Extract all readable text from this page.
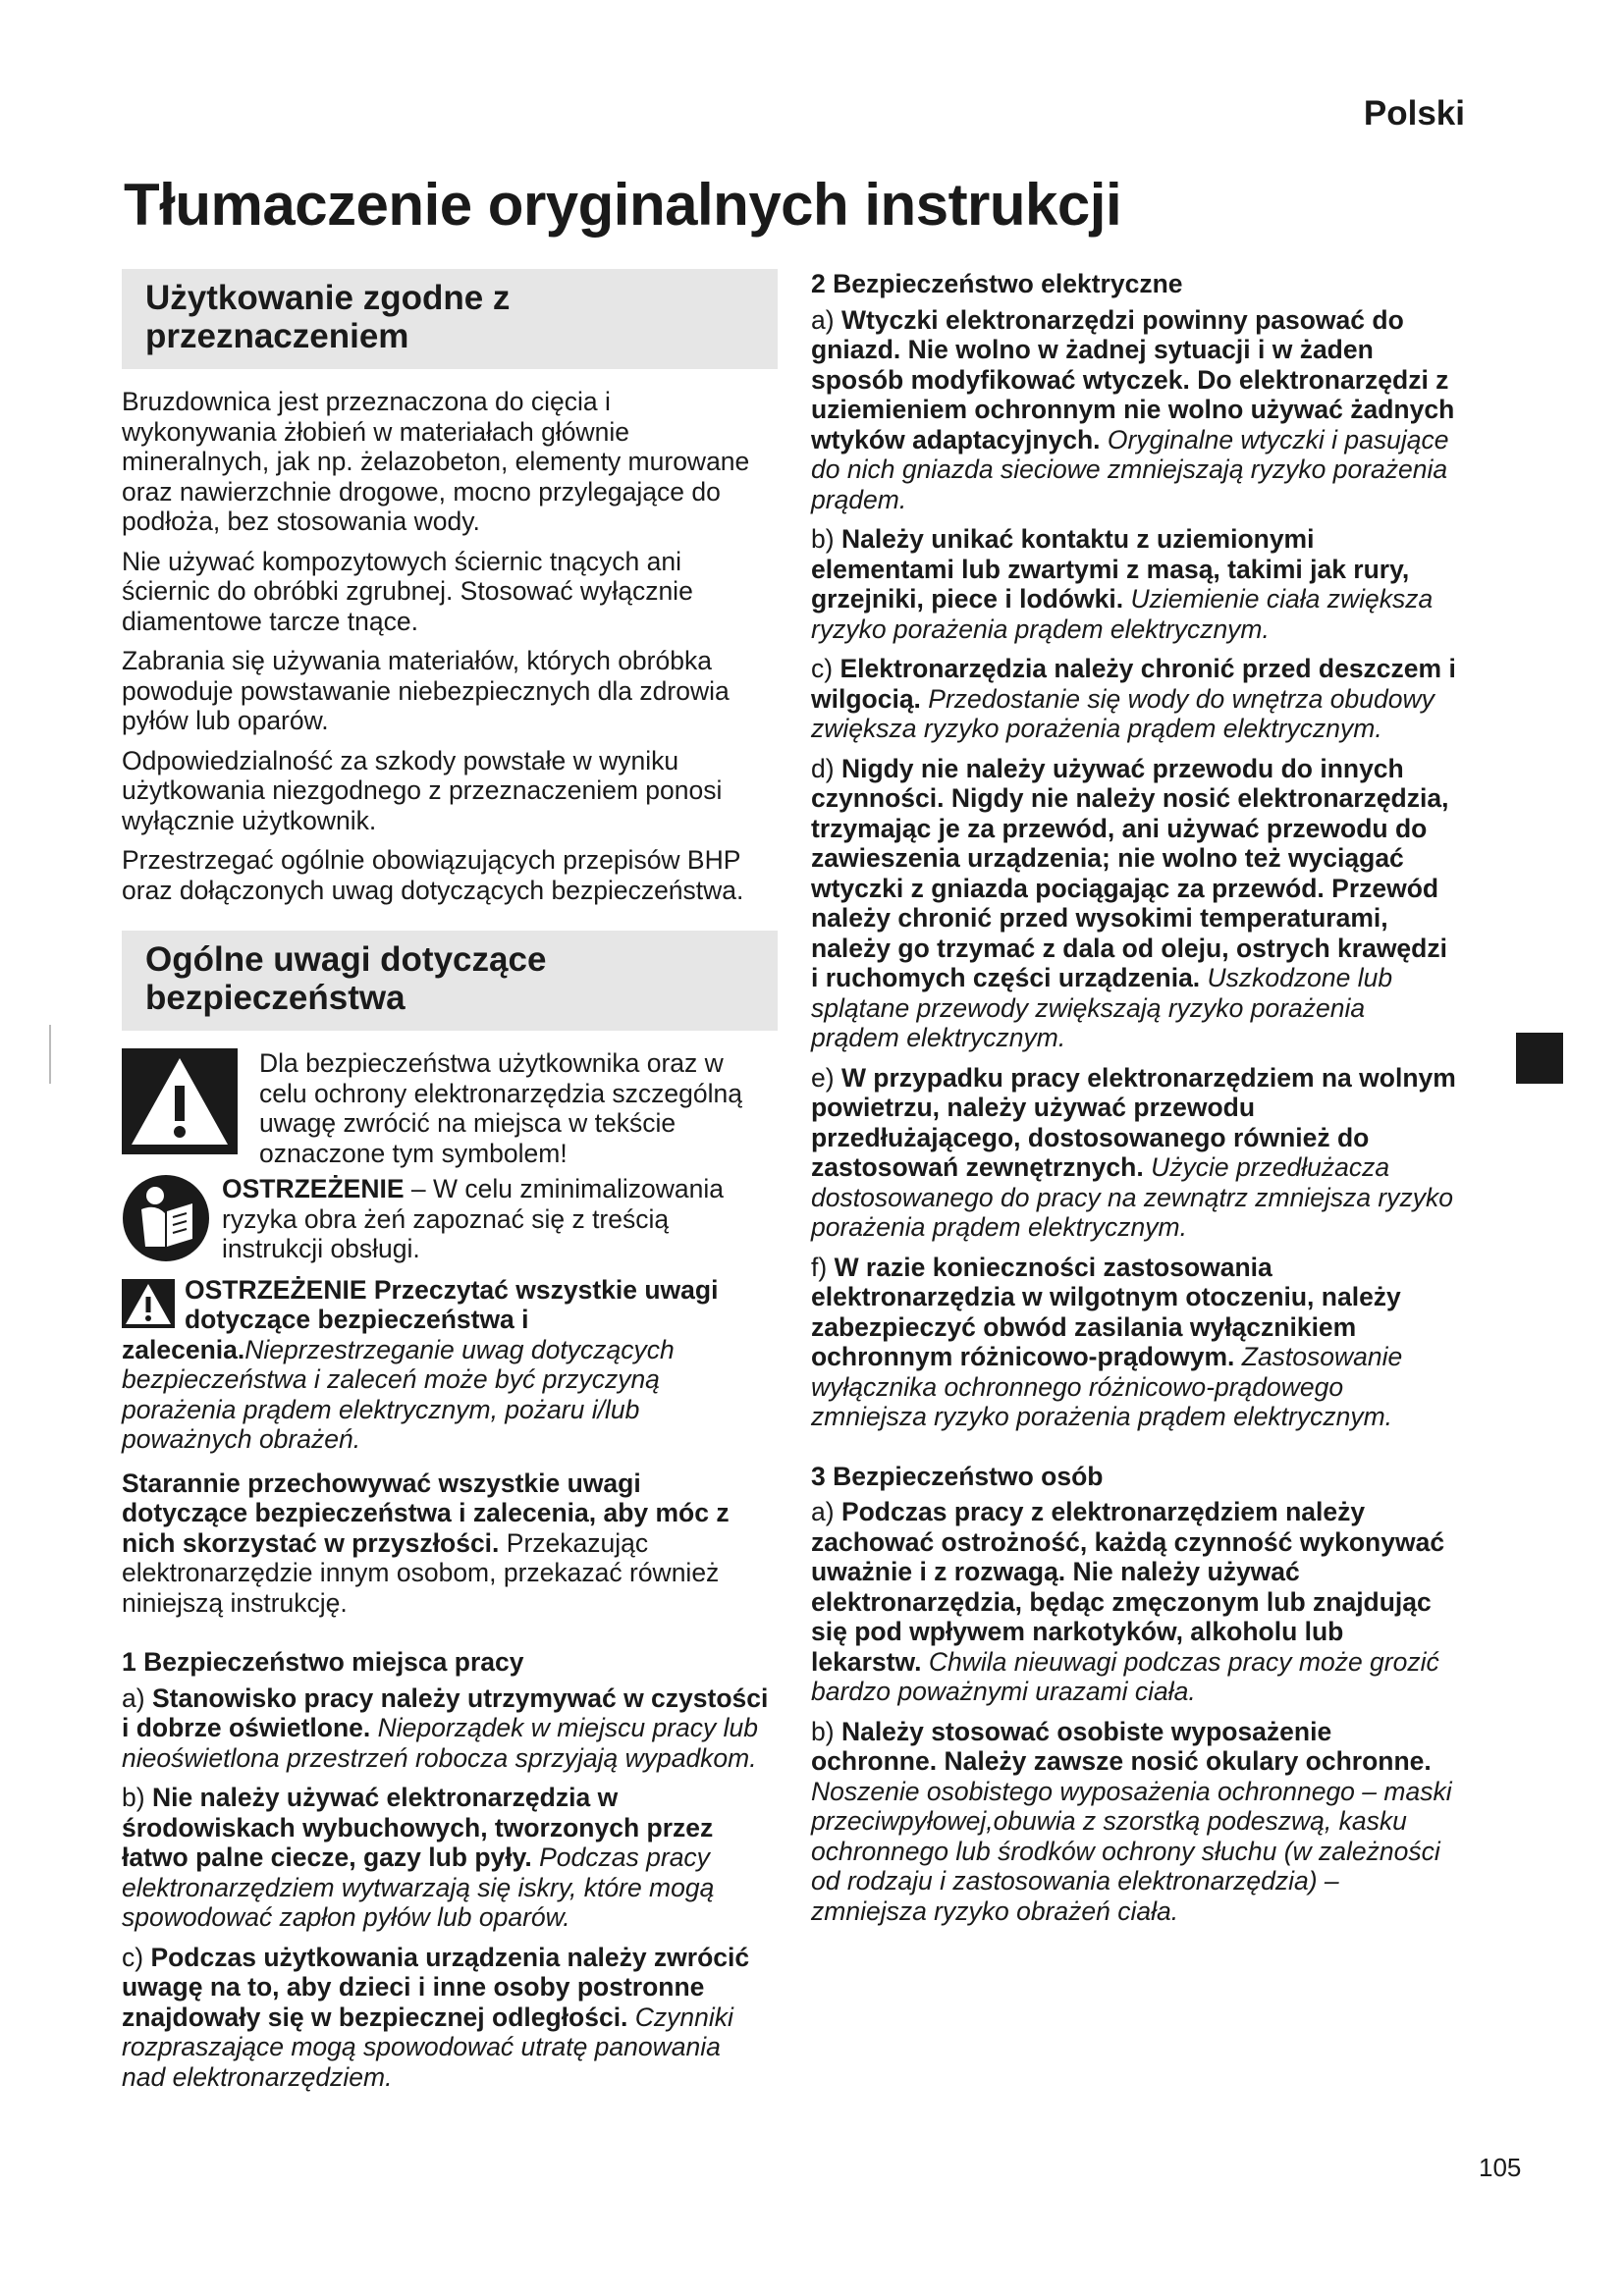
Polski
Tłumaczenie oryginalnych instrukcji
Użytkowanie zgodne z przeznaczeniem

Bruzdownica jest przeznaczona do cięcia i wykonywania żłobień w materiałach głównie mineralnych, jak np. żelazobeton, elementy murowane oraz nawierzchnie drogowe, mocno przylegające do podłoża, bez stosowania wody.

Nie używać kompozytowych ściernic tnących ani ściernic do obróbki zgrubnej. Stosować wyłącznie diamentowe tarcze tnące.

Zabrania się używania materiałów, których obróbka powoduje powstawanie niebezpiecznych dla zdrowia pyłów lub oparów.

Odpowiedzialność za szkody powstałe w wyniku użytkowania niezgodnego z przeznaczeniem ponosi wyłącznie użytkownik.

Przestrzegać ogólnie obowiązujących przepisów BHP oraz dołączonych uwag dotyczących bezpieczeństwa.

Ogólne uwagi dotyczące bezpieczeństwa
Dla bezpieczeństwa użytkownika oraz w celu ochrony elektronarzędzia szczególną uwagę zwrócić na miejsca w tekście oznaczone tym symbolem!
OSTRZEŻENIE – W celu zminimalizowania ryzyka obra żeń zapoznać się z treścią instrukcji obsługi.

OSTRZEŻENIE Przeczytać wszystkie uwagi dotyczące bezpieczeństwa i zalecenia.Nieprzestrzeganie uwag dotyczących bezpieczeństwa i zaleceń może być przyczyną porażenia prądem elektrycznym, pożaru i/lub poważnych obrażeń.

Starannie przechowywać wszystkie uwagi dotyczące bezpieczeństwa i zalecenia, aby móc z nich skorzystać w przyszłości. Przekazując elektronarzędzie innym osobom, przekazać również niniejszą instrukcję.

1 Bezpieczeństwo miejsca pracy

a) Stanowisko pracy należy utrzymywać w czystości i dobrze oświetlone. Nieporządek w miejscu pracy lub nieoświetlona przestrzeń robocza sprzyjają wypadkom.

b) Nie należy używać elektronarzędzia w środowiskach wybuchowych, tworzonych przez łatwo palne ciecze, gazy lub pyły. Podczas pracy elektronarzędziem wytwarzają się iskry, które mogą spowodować zapłon pyłów lub oparów.

c) Podczas użytkowania urządzenia należy zwrócić uwagę na to, aby dzieci i inne osoby postronne znajdowały się w bezpiecznej odległości. Czynniki rozpraszające mogą spowodować utratę panowania nad elektronarzędziem.

2 Bezpieczeństwo elektryczne

a) Wtyczki elektronarzędzi powinny pasować do gniazd. Nie wolno w żadnej sytuacji i w żaden sposób modyfikować wtyczek. Do elektronarzędzi z uziemieniem ochronnym nie wolno używać żadnych wtyków adaptacyjnych. Oryginalne wtyczki i pasujące do nich gniazda sieciowe zmniejszają ryzyko porażenia prądem.

b) Należy unikać kontaktu z uziemionymi elementami lub zwartymi z masą, takimi jak rury, grzejniki, piece i lodówki. Uziemienie ciała zwiększa ryzyko porażenia prądem elektrycznym.

c) Elektronarzędzia należy chronić przed deszczem i wilgocią. Przedostanie się wody do wnętrza obudowy zwiększa ryzyko porażenia prądem elektrycznym.

d) Nigdy nie należy używać przewodu do innych czynności. Nigdy nie należy nosić elektronarzędzia, trzymając je za przewód, ani używać przewodu do zawieszenia urządzenia; nie wolno też wyciągać wtyczki z gniazda pociągając za przewód. Przewód należy chronić przed wysokimi temperaturami, należy go trzymać z dala od oleju, ostrych krawędzi i ruchomych części urządzenia. Uszkodzone lub splątane przewody zwiększają ryzyko porażenia prądem elektrycznym.

e) W przypadku pracy elektronarzędziem na wolnym powietrzu, należy używać przewodu przedłużającego, dostosowanego również do zastosowań zewnętrznych. Użycie przedłużacza dostosowanego do pracy na zewnątrz zmniejsza ryzyko porażenia prądem elektrycznym.

f) W razie konieczności zastosowania elektronarzędzia w wilgotnym otoczeniu, należy zabezpieczyć obwód zasilania wyłącznikiem ochronnym różnicowo-prądowym. Zastosowanie wyłącznika ochronnego różnicowo-prądowego zmniejsza ryzyko porażenia prądem elektrycznym.

3 Bezpieczeństwo osób

a) Podczas pracy z elektronarzędziem należy zachować ostrożność, każdą czynność wykonywać uważnie i z rozwagą. Nie należy używać elektronarzędzia, będąc zmęczonym lub znajdując się pod wpływem narkotyków, alkoholu lub lekarstw. Chwila nieuwagi podczas pracy może grozić bardzo poważnymi urazami ciała.

b) Należy stosować osobiste wyposażenie ochronne. Należy zawsze nosić okulary ochronne. Noszenie osobistego wyposażenia ochronnego – maski przeciwpyłowej,obuwia z szorstką podeszwą, kasku ochronnego lub środków ochrony słuchu (w zależności od rodzaju i zastosowania elektronarzędzia) – zmniejsza ryzyko obrażeń ciała.

105
